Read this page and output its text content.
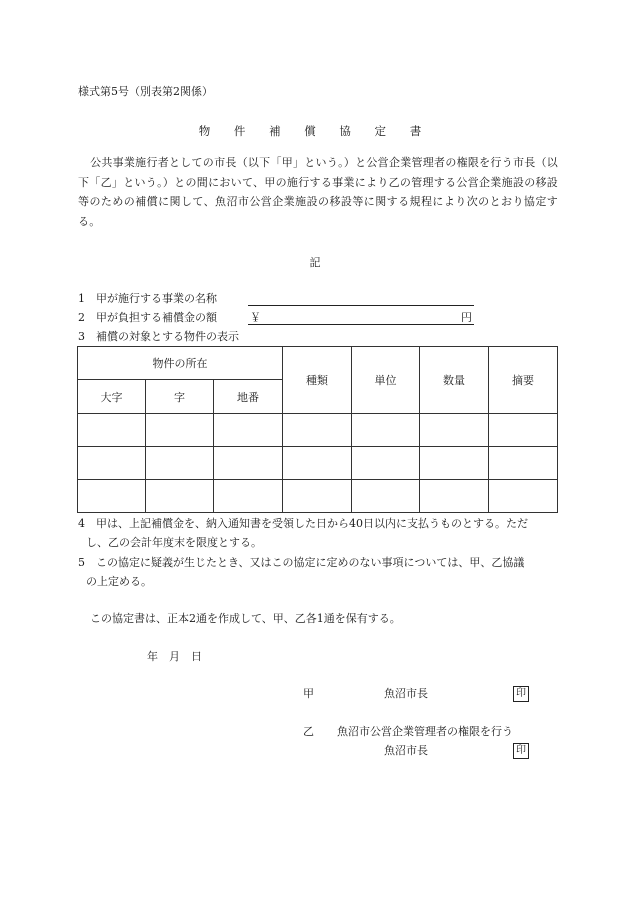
様式第5号（別表第2関係）
物 件 補 償 協 定 書
公共事業施行者としての市長（以下「甲」という。）と公営企業管理者の権限を行う市長（以下「乙」という。）との間において、甲の施行する事業により乙の管理する公営企業施設の移設等のための補償に関して、魚沼市公営企業施設の移設等に関する規程により次のとおり協定する。
記
1　甲が施行する事業の名称
2　甲が負担する補償金の額	￥	円
3　補償の対象とする物件の表示
物件の所在			種類	単位	数量	摘要
大字	字	地番				

4　甲は、上記補償金を、納入通知書を受領した日から40日以内に支払うものとする。ただ
し、乙の会計年度末を限度とする。
5　この協定に疑義が生じたとき、又はこの協定に定めのない事項については、甲、乙協議
の上定める。
この協定書は、正本2通を作成して、甲、乙各1通を保有する。
年　月　日
甲	魚沼市長	印
乙 魚沼市公営企業管理者の権限を行う
魚沼市長	印
